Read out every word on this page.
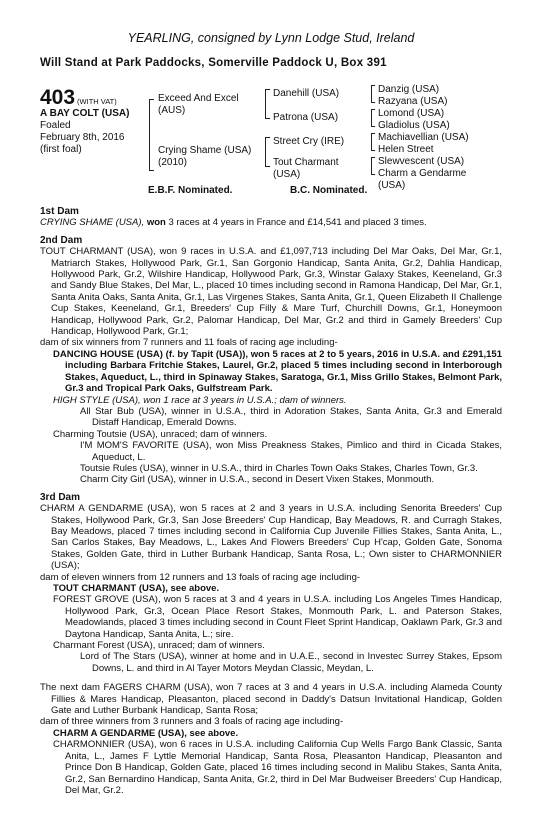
YEARLING, consigned by Lynn Lodge Stud, Ireland
Will Stand at Park Paddocks, Somerville Paddock U, Box 391
403 (WITH VAT)
A BAY COLT (USA)
Foaled
February 8th, 2016
(first foal)
Exceed And Excel
(AUS)
Crying Shame (USA)
(2010)
Danehill (USA)
Patrona (USA)
Street Cry (IRE)
Tout Charmant
(USA)
Danzig (USA)
Razyana (USA)
Lomond (USA)
Gladiolus (USA)
Machiavellian (USA)
Helen Street
Slewvescent (USA)
Charm a Gendarme
(USA)
E.B.F. Nominated.	B.C. Nominated.

1st Dam

CRYING SHAME (USA), won 3 races at 4 years in France and £14,541 and placed 3 times.

2nd Dam

TOUT CHARMANT (USA), won 9 races in U.S.A. and £1,097,713 including Del Mar Oaks, Del Mar, Gr.1, Matriarch Stakes, Hollywood Park, Gr.1, San Gorgonio Handicap, Santa Anita, Gr.2, Dahlia Handicap, Hollywood Park, Gr.2, Wilshire Handicap, Hollywood Park, Gr.3, Winstar Galaxy Stakes, Keeneland, Gr.3 and Sandy Blue Stakes, Del Mar, L., placed 10 times including second in Ramona Handicap, Del Mar, Gr.1, Santa Anita Oaks, Santa Anita, Gr.1, Las Virgenes Stakes, Santa Anita, Gr.1, Queen Elizabeth II Challenge Cup Stakes, Keeneland, Gr.1, Breeders' Cup Filly & Mare Turf, Churchill Downs, Gr.1, Honeymoon Handicap, Hollywood Park, Gr.2, Palomar Handicap, Del Mar, Gr.2 and third in Gamely Breeders' Cup Handicap, Hollywood Park, Gr.1;

dam of six winners from 7 runners and 11 foals of racing age including-

DANCING HOUSE (USA) (f. by Tapit (USA)), won 5 races at 2 to 5 years, 2016 in U.S.A. and £291,151 including Barbara Fritchie Stakes, Laurel, Gr.2, placed 5 times including second in Interborough Stakes, Aqueduct, L., third in Spinaway Stakes, Saratoga, Gr.1, Miss Grillo Stakes, Belmont Park, Gr.3 and Tropical Park Oaks, Gulfstream Park.

HIGH STYLE (USA), won 1 race at 3 years in U.S.A.; dam of winners.

All Star Bub (USA), winner in U.S.A., third in Adoration Stakes, Santa Anita, Gr.3 and Emerald Distaff Handicap, Emerald Downs.

Charming Toutsie (USA), unraced; dam of winners.

I'M MOM'S FAVORITE (USA), won Miss Preakness Stakes, Pimlico and third in Cicada Stakes, Aqueduct, L.

Toutsie Rules (USA), winner in U.S.A., third in Charles Town Oaks Stakes, Charles Town, Gr.3.

Charm City Girl (USA), winner in U.S.A., second in Desert Vixen Stakes, Monmouth.

3rd Dam

CHARM A GENDARME (USA), won 5 races at 2 and 3 years in U.S.A. including Senorita Breeders' Cup Stakes, Hollywood Park, Gr.3, San Jose Breeders' Cup Handicap, Bay Meadows, R. and Curragh Stakes, Bay Meadows, placed 7 times including second in California Cup Juvenile Fillies Stakes, Santa Anita, L., San Carlos Stakes, Bay Meadows, L., Lakes And Flowers Breeders' Cup H'cap, Golden Gate, Sonoma Stakes, Golden Gate, third in Luther Burbank Handicap, Santa Rosa, L.; Own sister to CHARMONNIER (USA);

dam of eleven winners from 12 runners and 13 foals of racing age including-

TOUT CHARMANT (USA), see above.

FOREST GROVE (USA), won 5 races at 3 and 4 years in U.S.A. including Los Angeles Times Handicap, Hollywood Park, Gr.3, Ocean Place Resort Stakes, Monmouth Park, L. and Paterson Stakes, Meadowlands, placed 3 times including second in Count Fleet Sprint Handicap, Oaklawn Park, Gr.3 and Daytona Handicap, Santa Anita, L.; sire.

Charmant Forest (USA), unraced; dam of winners.

Lord of The Stars (USA), winner at home and in U.A.E., second in Investec Surrey Stakes, Epsom Downs, L. and third in Al Tayer Motors Meydan Classic, Meydan, L.

The next dam FAGERS CHARM (USA), won 7 races at 3 and 4 years in U.S.A. including Alameda County Fillies & Mares Handicap, Pleasanton, placed second in Daddy's Datsun Invitational Handicap, Golden Gate and Luther Burbank Handicap, Santa Rosa;

dam of three winners from 3 runners and 3 foals of racing age including-

CHARM A GENDARME (USA), see above.

CHARMONNIER (USA), won 6 races in U.S.A. including California Cup Wells Fargo Bank Classic, Santa Anita, L., James F Lyttle Memorial Handicap, Santa Rosa, Pleasanton Handicap, Pleasanton and Prince Don B Handicap, Golden Gate, placed 16 times including second in Malibu Stakes, Santa Anita, Gr.2, San Bernardino Handicap, Santa Anita, Gr.2, third in Del Mar Budweiser Breeders' Cup Handicap, Del Mar, Gr.2.
